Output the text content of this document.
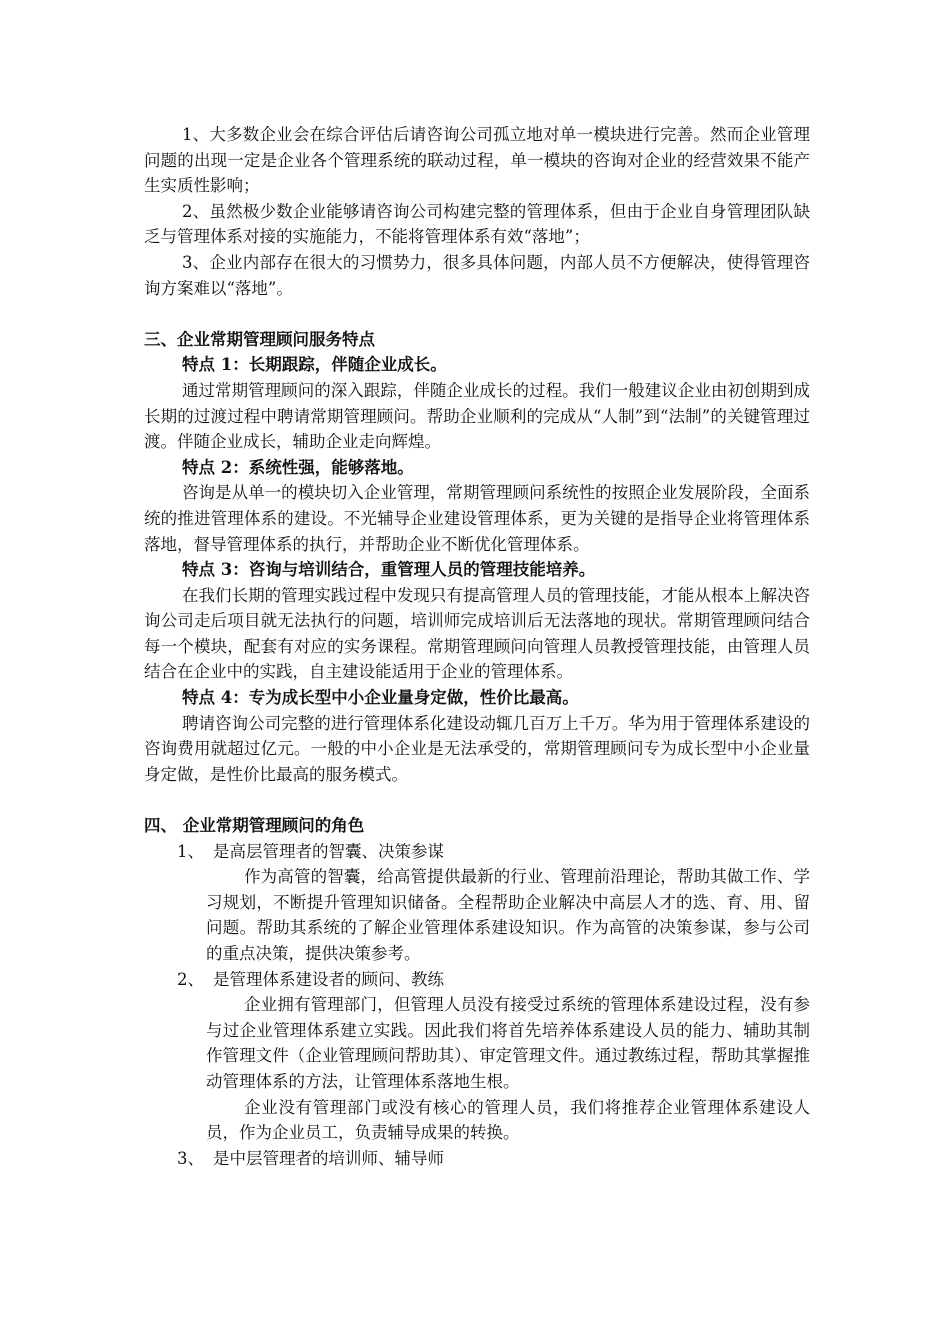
1、大多数企业会在综合评估后请咨询公司孤立地对单一模块进行完善。然而企业管理问题的出现一定是企业各个管理系统的联动过程，单一模块的咨询对企业的经营效果不能产生实质性影响；

2、虽然极少数企业能够请咨询公司构建完整的管理体系，但由于企业自身管理团队缺乏与管理体系对接的实施能力，不能将管理体系有效“落地”；

3、企业内部存在很大的习惯势力，很多具体问题，内部人员不方便解决，使得管理咨询方案难以“落地”。

三、企业常期管理顾问服务特点

特点 1：长期跟踪，伴随企业成长。

通过常期管理顾问的深入跟踪，伴随企业成长的过程。我们一般建议企业由初创期到成长期的过渡过程中聘请常期管理顾问。帮助企业顺利的完成从“人制”到“法制”的关键管理过渡。伴随企业成长，辅助企业走向辉煌。

特点 2：系统性强，能够落地。

咨询是从单一的模块切入企业管理，常期管理顾问系统性的按照企业发展阶段，全面系统的推进管理体系的建设。不光辅导企业建设管理体系，更为关键的是指导企业将管理体系落地，督导管理体系的执行，并帮助企业不断优化管理体系。

特点 3：咨询与培训结合，重管理人员的管理技能培养。

在我们长期的管理实践过程中发现只有提高管理人员的管理技能，才能从根本上解决咨询公司走后项目就无法执行的问题，培训师完成培训后无法落地的现状。常期管理顾问结合每一个模块，配套有对应的实务课程。常期管理顾问向管理人员教授管理技能，由管理人员结合在企业中的实践，自主建设能适用于企业的管理体系。

特点 4：专为成长型中小企业量身定做，性价比最高。

聘请咨询公司完整的进行管理体系化建设动辄几百万上千万。华为用于管理体系建设的咨询费用就超过亿元。一般的中小企业是无法承受的，常期管理顾问专为成长型中小企业量身定做，是性价比最高的服务模式。

四、 企业常期管理顾问的角色

1、 是高层管理者的智囊、决策参谋

作为高管的智囊，给高管提供最新的行业、管理前沿理论，帮助其做工作、学习规划，不断提升管理知识储备。全程帮助企业解决中高层人才的选、育、用、留问题。帮助其系统的了解企业管理体系建设知识。作为高管的决策参谋，参与公司的重点决策，提供决策参考。

2、 是管理体系建设者的顾问、教练

企业拥有管理部门，但管理人员没有接受过系统的管理体系建设过程，没有参与过企业管理体系建立实践。因此我们将首先培养体系建设人员的能力、辅助其制作管理文件（企业管理顾问帮助其）、审定管理文件。通过教练过程，帮助其掌握推动管理体系的方法，让管理体系落地生根。

企业没有管理部门或没有核心的管理人员，我们将推荐企业管理体系建设人员，作为企业员工，负责辅导成果的转换。

3、 是中层管理者的培训师、辅导师
